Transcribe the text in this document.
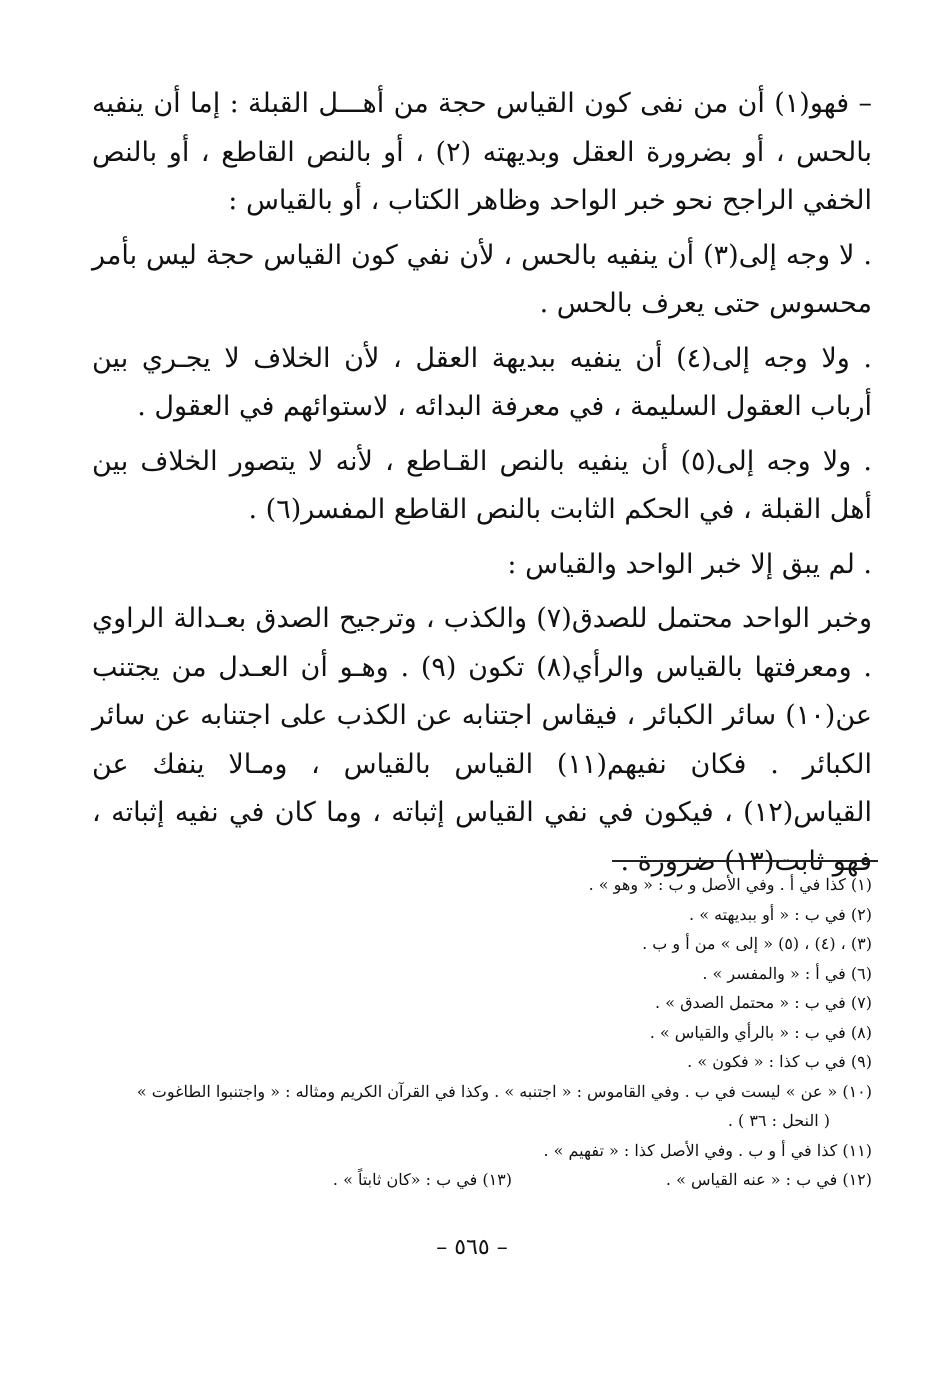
– فهو(١) أن من نفى كون القياس حجة من أهـــل القبلة : إما أن ينفيه بالحس ، أو بضرورة العقل وبديهته (٢) ، أو بالنص القاطع ، أو بالنص الخفي الراجح نحو خبر الواحد وظاهر الكتاب ، أو بالقياس :

. لا وجه إلى(٣) أن ينفيه بالحس ، لأن نفي كون القياس حجة ليس بأمر محسوس حتى يعرف بالحس .

. ولا وجه إلى(٤) أن ينفيه ببديهة العقل ، لأن الخلاف لا يجـري بين أرباب العقول السليمة ، في معرفة البدائه ، لاستوائهم في العقول .

. ولا وجه إلى(٥) أن ينفيه بالنص القـاطع ، لأنه لا يتصور الخلاف بين أهل القبلة ، في الحكم الثابت بالنص القاطع المفسر(٦) .

. لم يبق إلا خبر الواحد والقياس :

وخبر الواحد محتمل للصدق(٧) والكذب ، وترجيح الصدق بعـدالة الراوي . ومعرفتها بالقياس والرأي(٨) تكون (٩) . وهـو أن العـدل من يجتنب عن(١٠) سائر الكبائر ، فيقاس اجتنابه عن الكذب على اجتنابه عن سائر الكبائر . فكان نفيهم(١١) القياس بالقياس ، ومـالا ينفك عن القياس(١٢) ، فيكون في نفي القياس إثباته ، وما كان في نفيه إثباته ، فهو ثابت(١٣) ضرورة .

(١) كذا في أ . وفي الأصل و ب : « وهو » .

(٢) في ب : « أو ببديهته » .

(٣) ، (٤) ، (٥) « إلى » من أ و ب .

(٦) في أ : « والمفسر » .

(٧) في ب : « محتمل الصدق » .

(٨) في ب : « بالرأي والقياس » .

(٩) في ب كذا : « فكون » .

(١٠) « عن » ليست في ب . وفي القاموس : « اجتنبه » . وكذا في القرآن الكريم ومثاله : « واجتنبوا الطاغوت »

( النحل : ٣٦ ) .

(١١) كذا في أ و ب . وفي الأصل كذا : « تفهيم » .

(١٢) في ب : « عنه القياس » .
(١٣) في ب : «كان ثابتاً » .

– ٥٦٥ –
